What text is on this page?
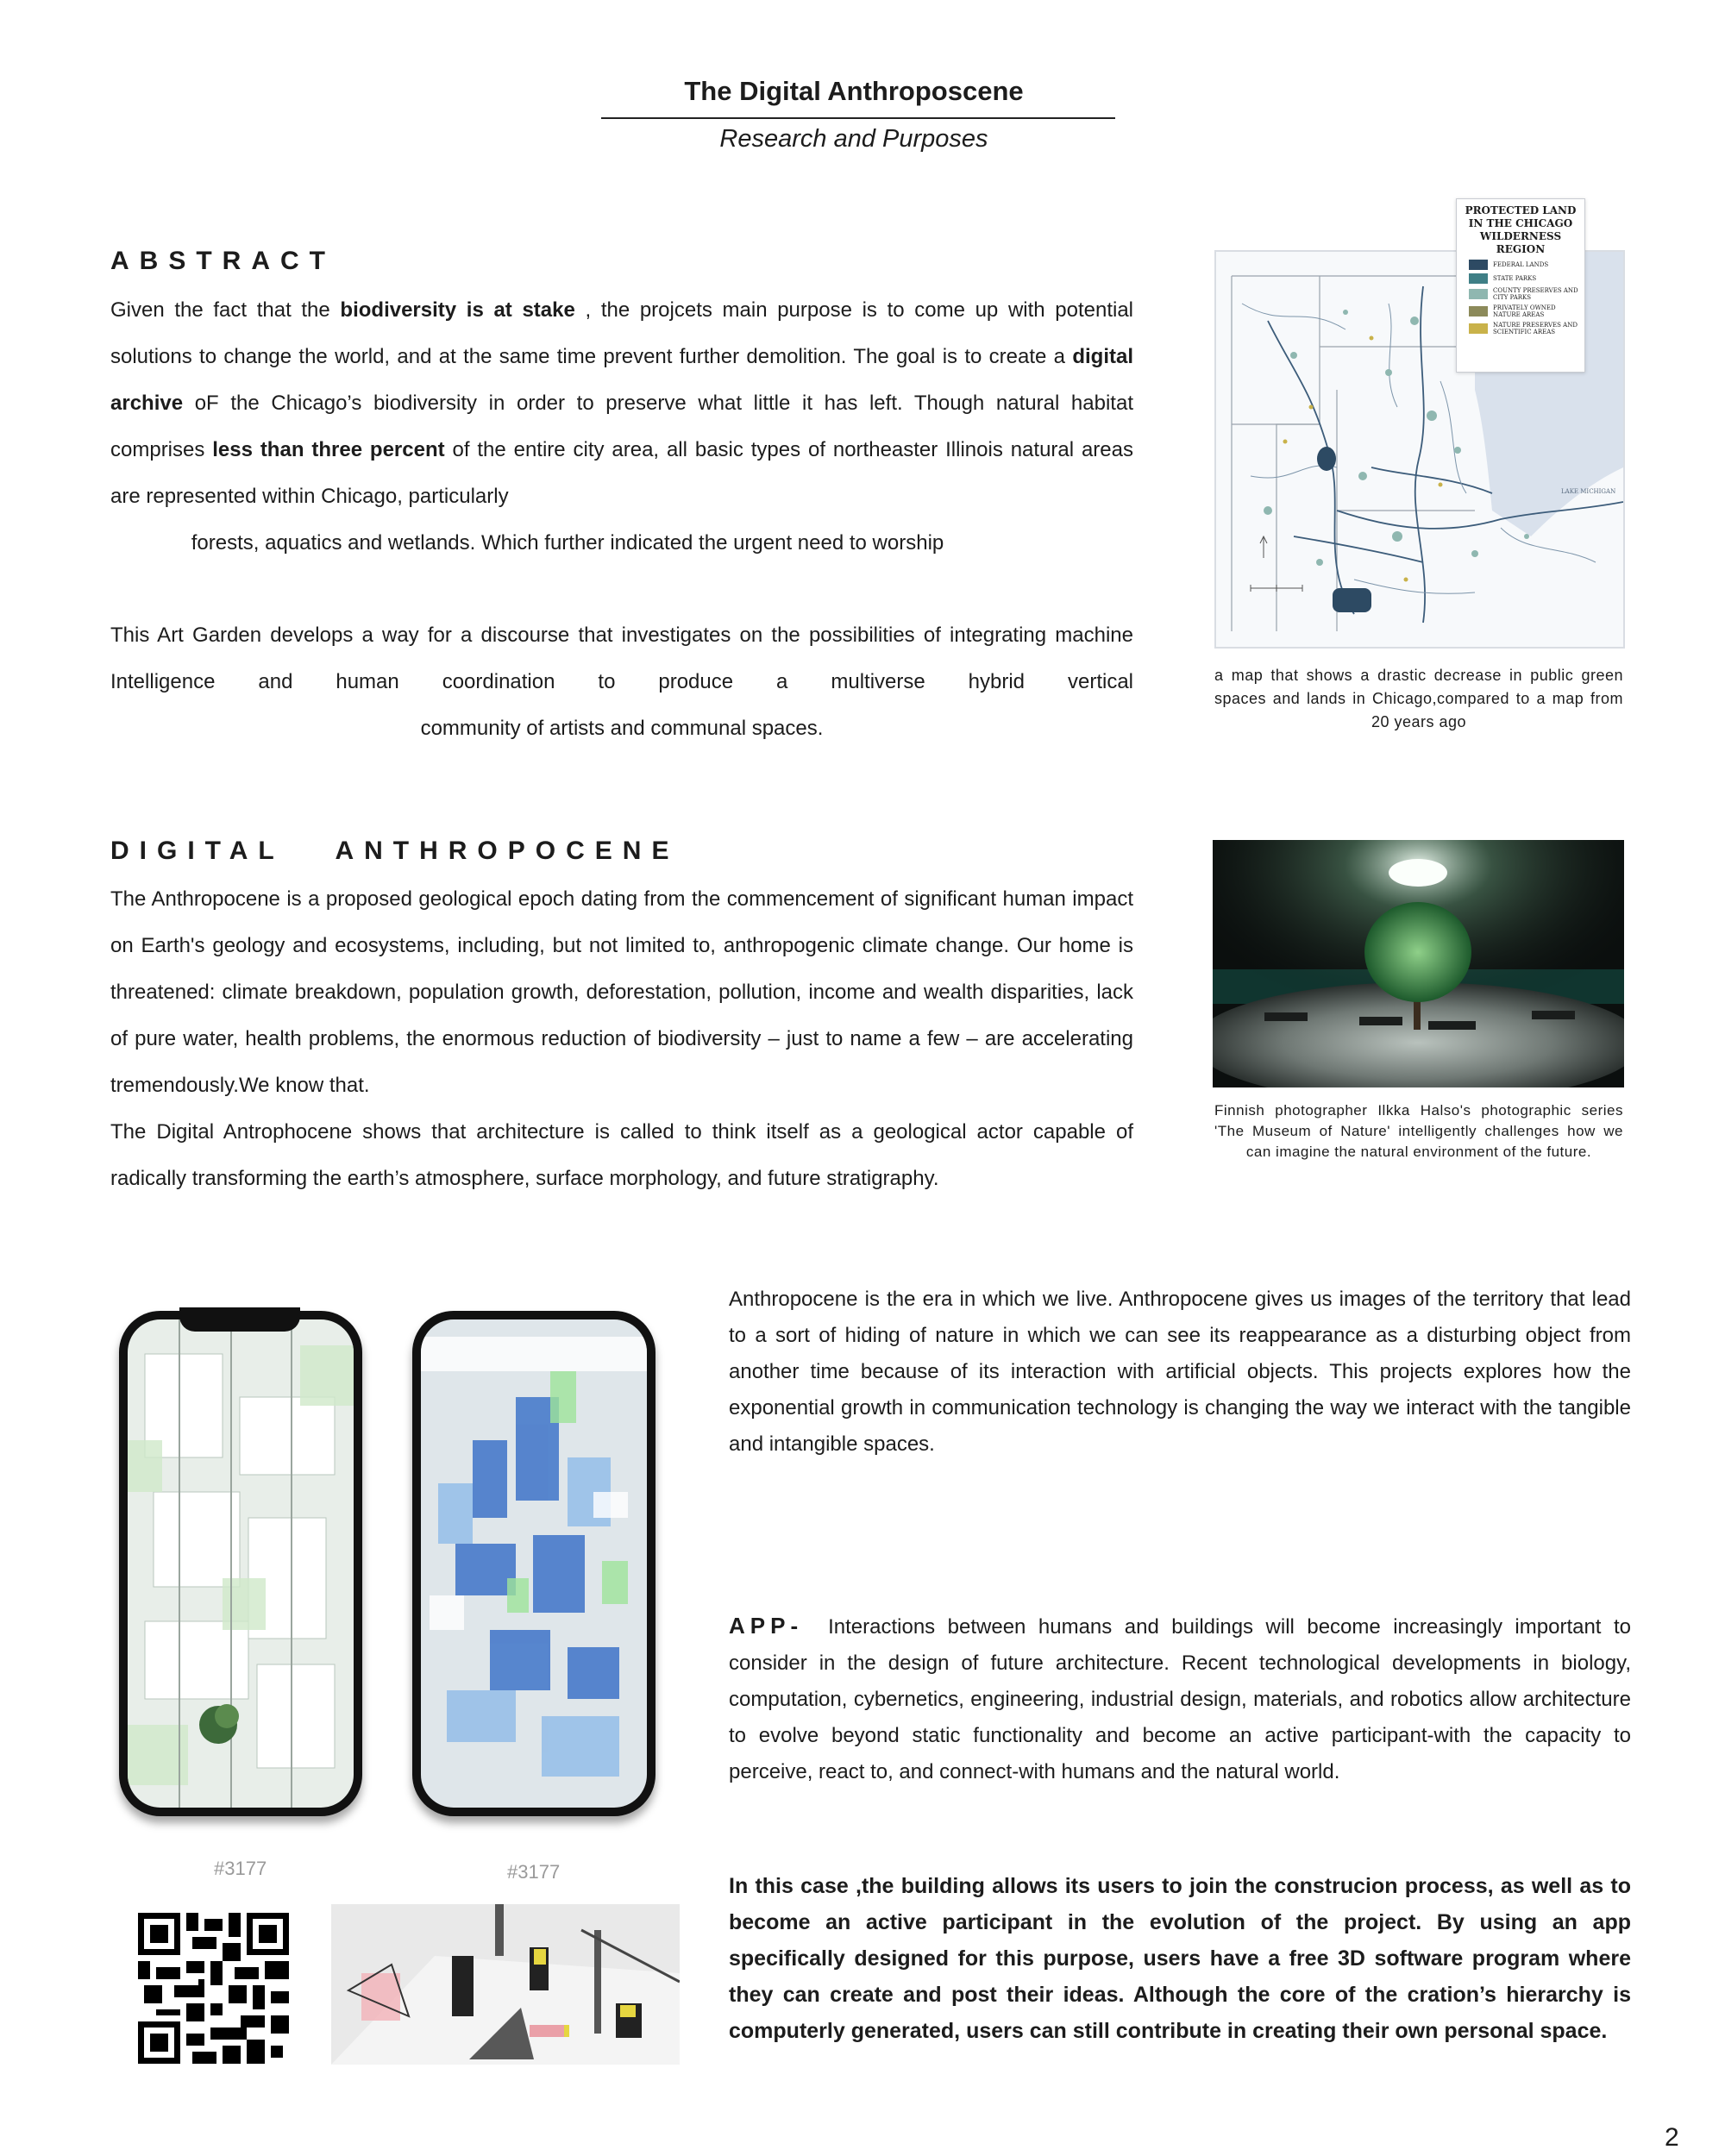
The Digital Anthroposcene
Research and Purposes
ABSTRACT
Given the fact that the biodiversity is at stake , the projcets main purpose is to come up with potential solutions to change the world, and at the same time prevent further demolition. The goal is to create a digital archive oF the Chicago’s biodiversity in order to preserve what little it has left. Though natural habitat comprises less than three percent of the entire city area, all basic types of northeaster Illinois natural areas are represented within Chicago, particularly
forests, aquatics and wetlands. Which further indicated the urgent need to worship
This Art Garden develops a way for a discourse that investigates on the possibilities of integrating machine Intelligence and human coordination to produce a multiverse hybrid vertical
community of artists and communal spaces.
LAKE MICHIGAN
PROTECTED LAND IN THE CHICAGO WILDERNESS REGION
FEDERAL LANDS
STATE PARKS
COUNTY PRESERVES AND CITY PARKS
PRIVATELY OWNED NATURE AREAS
NATURE PRESERVES AND SCIENTIFIC AREAS
a map that shows a drastic decrease in public green spaces and lands in Chicago,compared to a map from 20 years ago
DIGITAL ANTHROPOCENE
The Anthropocene is a proposed geological epoch dating from the commencement of significant human impact on Earth's geology and ecosystems, including, but not limited to, anthropogenic climate change. Our home is threatened: climate breakdown, population growth, deforestation, pollution, income and wealth disparities, lack of pure water, health problems, the enormous reduction of biodiversity – just to name a few – are accelerating tremendously.We know that.
The Digital Antrophocene shows that architecture is called to think itself as a geological actor capable of radically transforming the earth’s atmosphere, surface morphology, and future stratigraphy.
Finnish photographer Ilkka Halso's photographic series 'The Museum of Nature' intelligently challenges how we can imagine the natural environment of the future.
Anthropocene is the era in which we live. Anthropocene gives us images of the territory that lead to a sort of hiding of nature in which we can see its reappearance as a disturbing object from another time because of its interaction with artificial objects. This projects explores how the exponential growth in communication technology is changing the way we interact with the tangible and intangible spaces.
#3177	#3177
APP- Interactions between humans and buildings will become increasingly important to consider in the design of future architecture. Recent technological developments in biology, computation, cybernetics, engineering, industrial design, materials, and robotics allow architecture to evolve beyond static functionality and become an active participant-with the capacity to perceive, react to, and connect-with humans and the natural world.
In this case ,the building allows its users to join the construcion process, as well as to become an active participant in the evolution of the project. By using an app specifically designed for this purpose, users have a free 3D software program where they can create and post their ideas. Although the core of the cration’s hierarchy is computerly generated, users can still contribute in creating their own personal space.
2
